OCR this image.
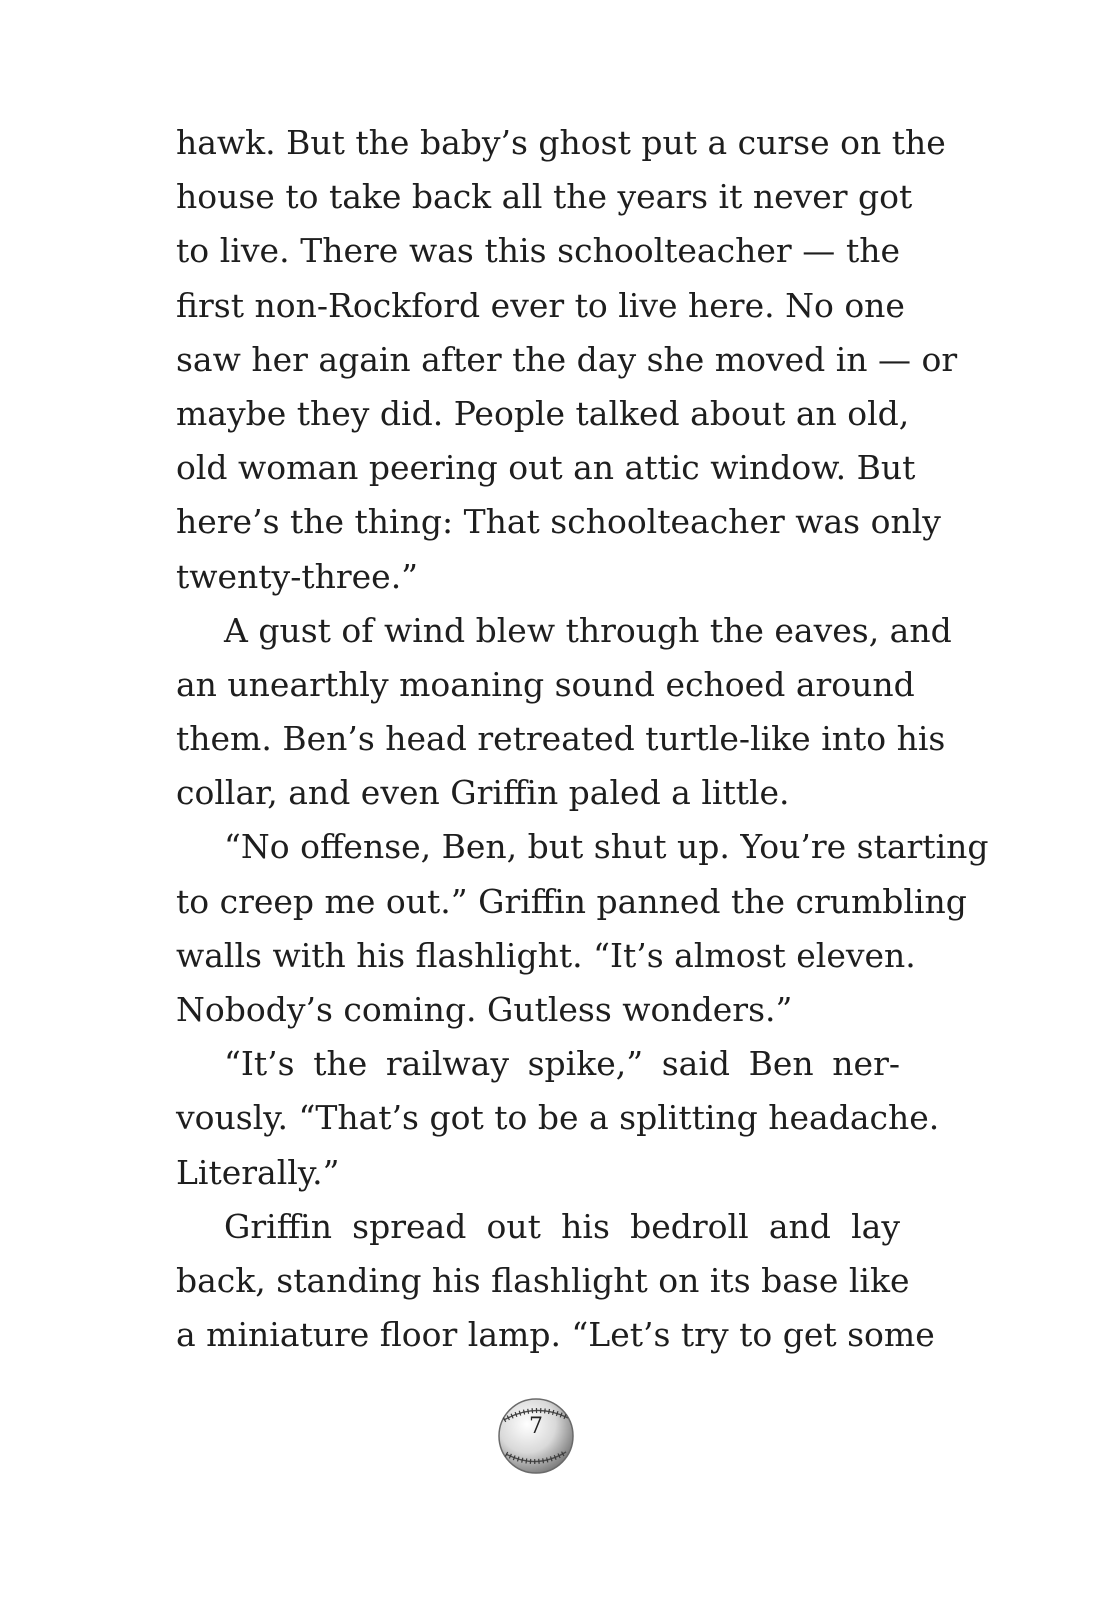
hawk. But the baby’s ghost put a curse on the
house to take back all the years it never got
to live. There was this schoolteacher — the
first non-Rockford ever to live here. No one
saw her again after the day she moved in — or
maybe they did. People talked about an old,
old woman peering out an attic window. But
here’s the thing: That schoolteacher was only
twenty-three.”
A gust of wind blew through the eaves, and
an unearthly moaning sound echoed around
them. Ben’s head retreated turtle-like into his
collar, and even Griffin paled a little.
“No offense, Ben, but shut up. You’re starting
to creep me out.” Griffin panned the crumbling
walls with his flashlight. “It’s almost eleven.
Nobody’s coming. Gutless wonders.”
“It’s the railway spike,” said Ben ner-
vously. “That’s got to be a splitting headache.
Literally.”
Griffin spread out his bedroll and lay
back, standing his flashlight on its base like
a miniature floor lamp. “Let’s try to get some
7
